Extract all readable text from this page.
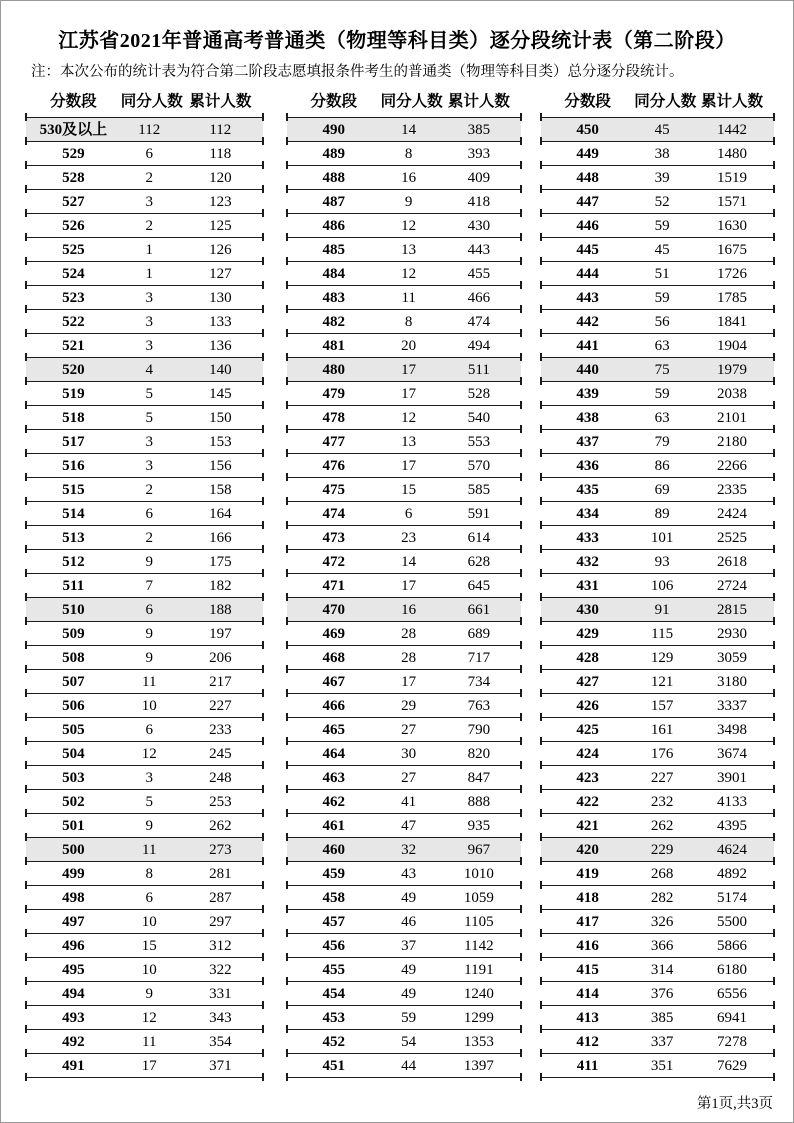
江苏省2021年普通高考普通类（物理等科目类）逐分段统计表（第二阶段）
注：本次公布的统计表为符合第二阶段志愿填报条件考生的普通类（物理等科目类）总分逐分段统计。
分数段	同分人数 累计人数
530及以上	112	112
529	6	118
528	2	120
527	3	123
526	2	125
525	1	126
524	1	127
523	3	130
522	3	133
521	3	136
520	4	140
519	5	145
518	5	150
517	3	153
516	3	156
515	2	158
514	6	164
513	2	166
512	9	175
511	7	182
510	6	188
509	9	197
508	9	206
507	11	217
506	10	227
505	6	233
504	12	245
503	3	248
502	5	253
501	9	262
500	11	273
499	8	281
498	6	287
497	10	297
496	15	312
495	10	322
494	9	331
493	12	343
492	11	354
491	17	371
分数段	同分人数 累计人数
490	14	385
489	8	393
488	16	409
487	9	418
486	12	430
485	13	443
484	12	455
483	11	466
482	8	474
481	20	494
480	17	511
479	17	528
478	12	540
477	13	553
476	17	570
475	15	585
474	6	591
473	23	614
472	14	628
471	17	645
470	16	661
469	28	689
468	28	717
467	17	734
466	29	763
465	27	790
464	30	820
463	27	847
462	41	888
461	47	935
460	32	967
459	43	1010
458	49	1059
457	46	1105
456	37	1142
455	49	1191
454	49	1240
453	59	1299
452	54	1353
451	44	1397
分数段	同分人数 累计人数
450	45	1442
449	38	1480
448	39	1519
447	52	1571
446	59	1630
445	45	1675
444	51	1726
443	59	1785
442	56	1841
441	63	1904
440	75	1979
439	59	2038
438	63	2101
437	79	2180
436	86	2266
435	69	2335
434	89	2424
433	101	2525
432	93	2618
431	106	2724
430	91	2815
429	115	2930
428	129	3059
427	121	3180
426	157	3337
425	161	3498
424	176	3674
423	227	3901
422	232	4133
421	262	4395
420	229	4624
419	268	4892
418	282	5174
417	326	5500
416	366	5866
415	314	6180
414	376	6556
413	385	6941
412	337	7278
411	351	7629
第1页,共3页
